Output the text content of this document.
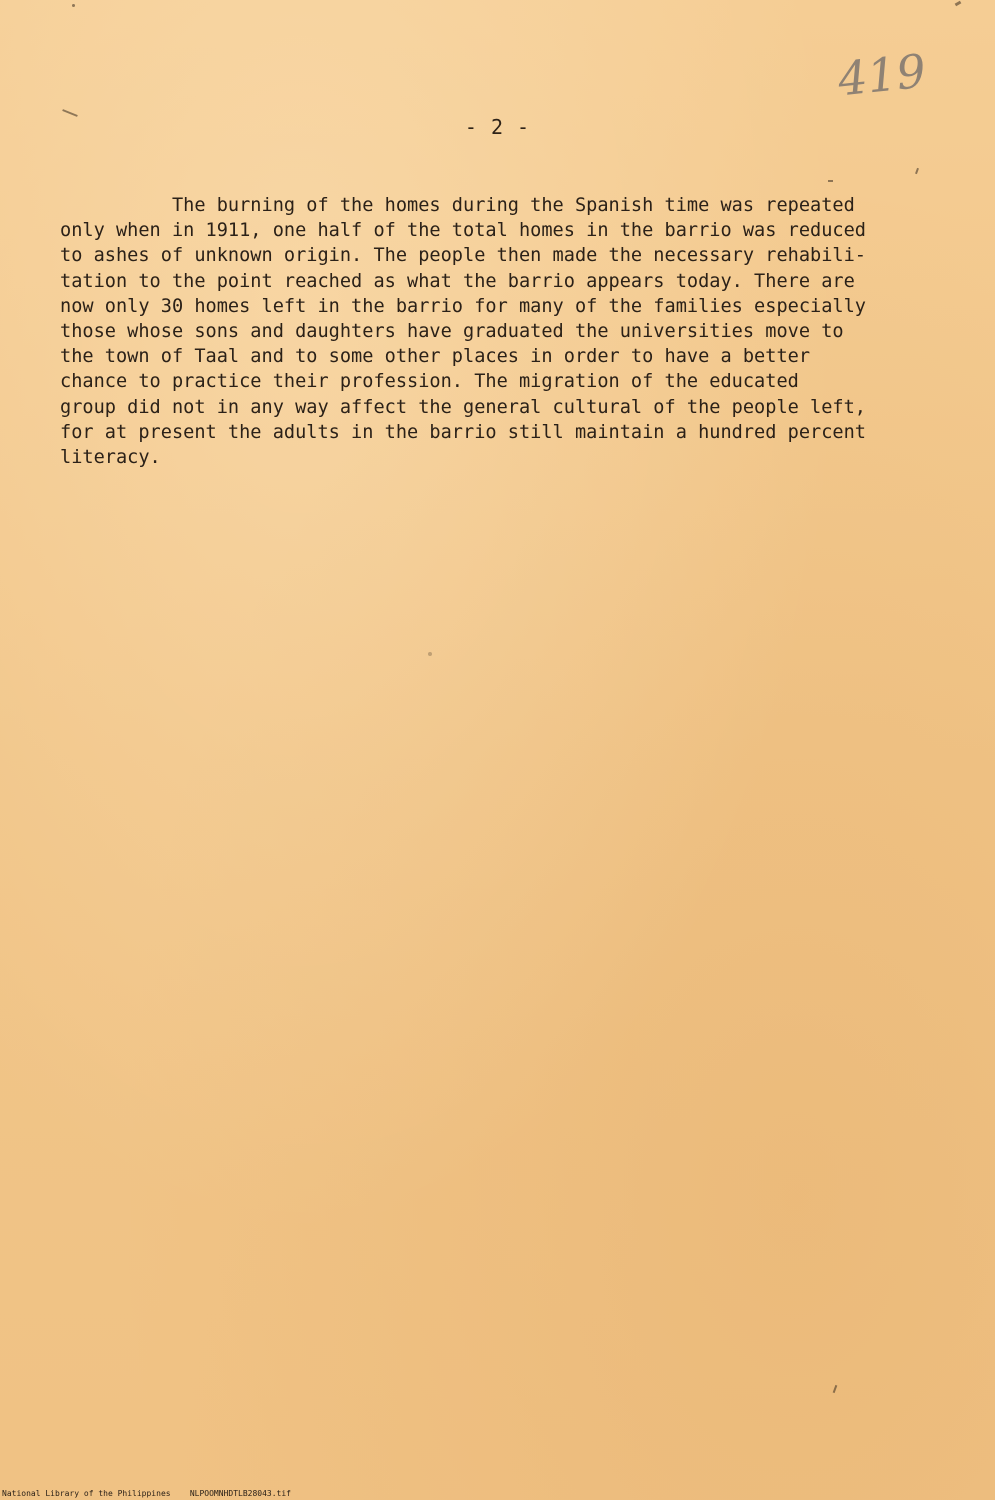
419
- 2 -
The burning of the homes during the Spanish time was repeated
only when in 1911, one half of the total homes in the barrio was reduced
to ashes of unknown origin. The people then made the necessary rehabili-
tation to the point reached as what the barrio appears today. There are
now only 30 homes left in the barrio for many of the families especially
those whose sons and daughters have graduated the universities move to
the town of Taal and to some other places in order to have a better
chance to practice their profession. The migration of the educated
group did not in any way affect the general cultural of the people left,
for at present the adults in the barrio still maintain a hundred percent
literacy.
National Library of the Philippines NLPOOMNHDTLB28043.tif
